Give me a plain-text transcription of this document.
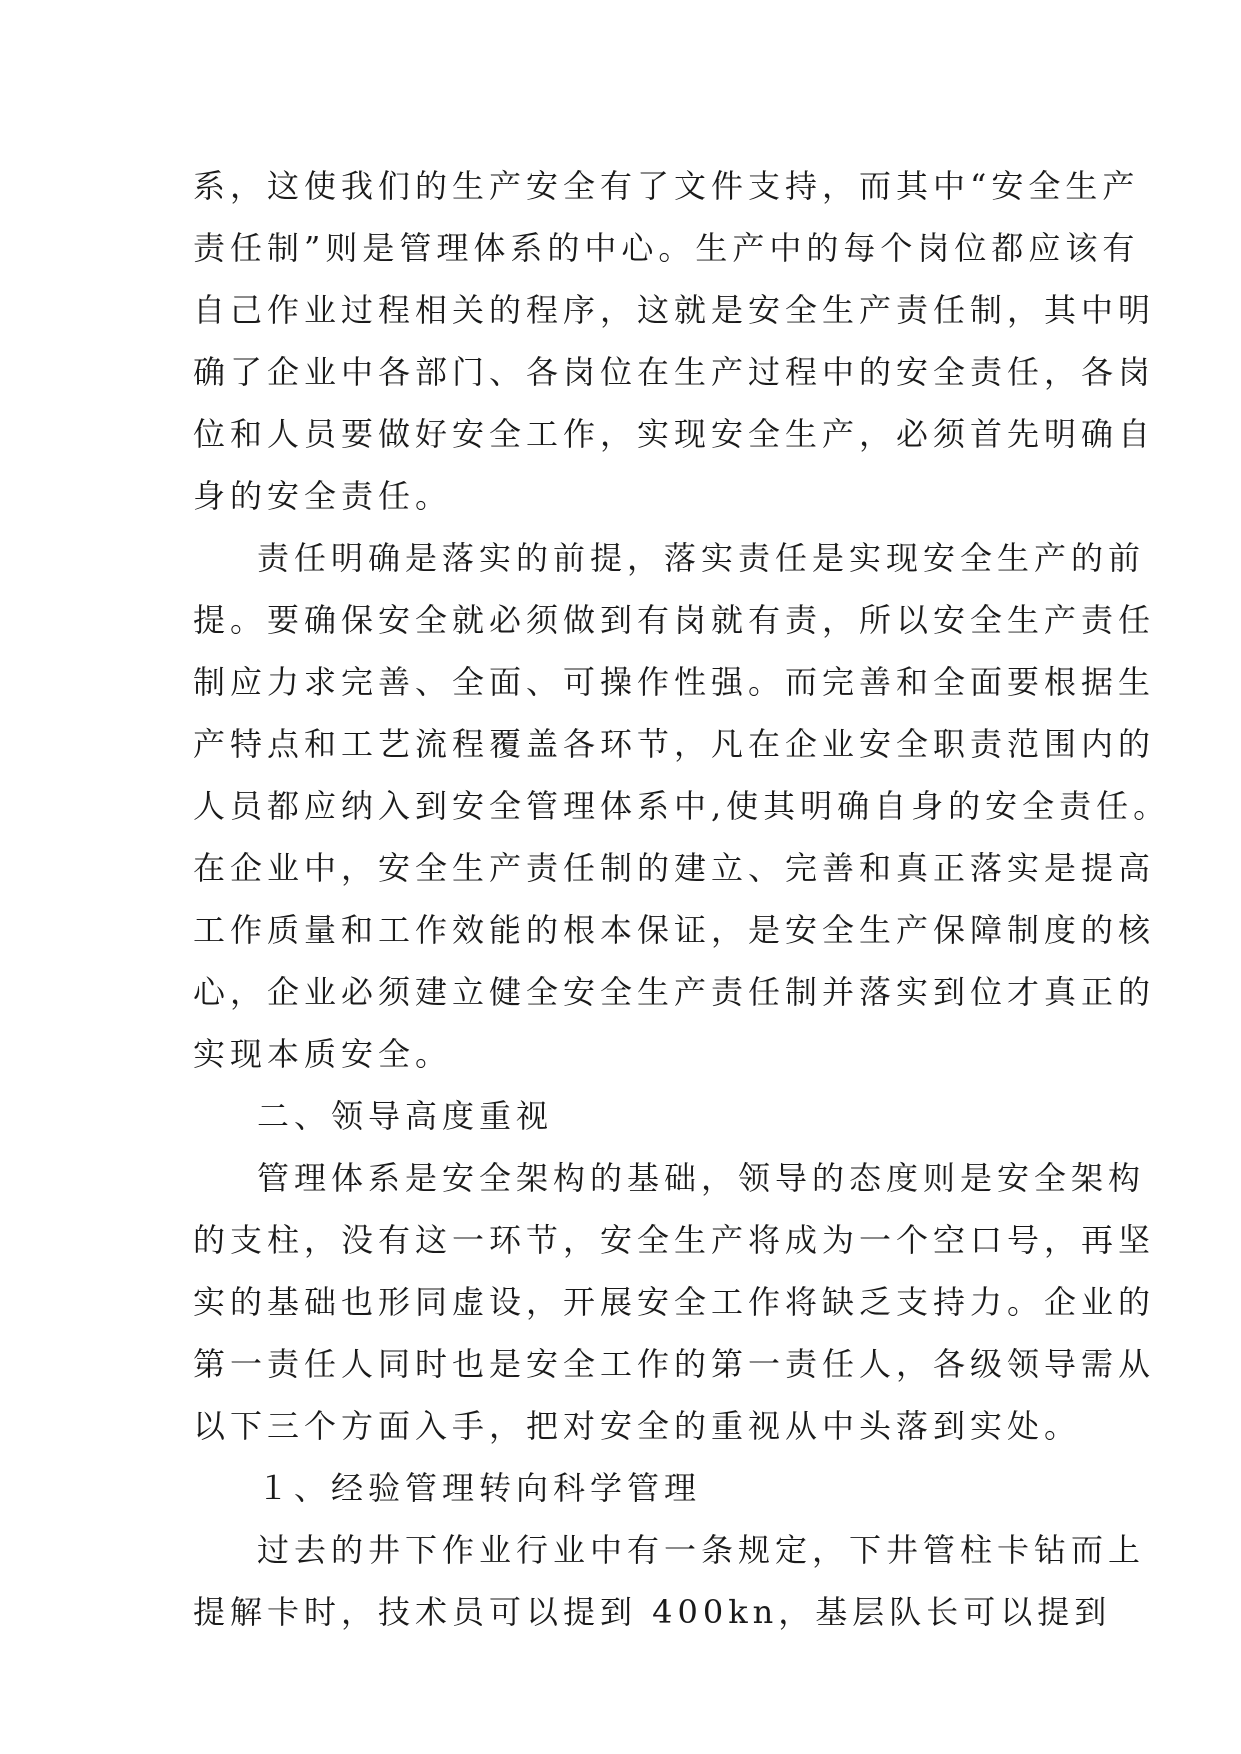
系，这使我们的生产安全有了文件支持，而其中“安全生产
责任制”则是管理体系的中心。生产中的每个岗位都应该有
自己作业过程相关的程序，这就是安全生产责任制，其中明
确了企业中各部门、各岗位在生产过程中的安全责任，各岗
位和人员要做好安全工作，实现安全生产，必须首先明确自
身的安全责任。
责任明确是落实的前提，落实责任是实现安全生产的前
提。要确保安全就必须做到有岗就有责，所以安全生产责任
制应力求完善、全面、可操作性强。而完善和全面要根据生
产特点和工艺流程覆盖各环节，凡在企业安全职责范围内的
人员都应纳入到安全管理体系中,使其明确自身的安全责任。
在企业中，安全生产责任制的建立、完善和真正落实是提高
工作质量和工作效能的根本保证，是安全生产保障制度的核
心，企业必须建立健全安全生产责任制并落实到位才真正的
实现本质安全。
二、领导高度重视
管理体系是安全架构的基础，领导的态度则是安全架构
的支柱，没有这一环节，安全生产将成为一个空口号，再坚
实的基础也形同虚设，开展安全工作将缺乏支持力。企业的
第一责任人同时也是安全工作的第一责任人，各级领导需从
以下三个方面入手，把对安全的重视从中头落到实处。
１、经验管理转向科学管理
过去的井下作业行业中有一条规定，下井管柱卡钻而上
提解卡时，技术员可以提到 400kn，基层队长可以提到
